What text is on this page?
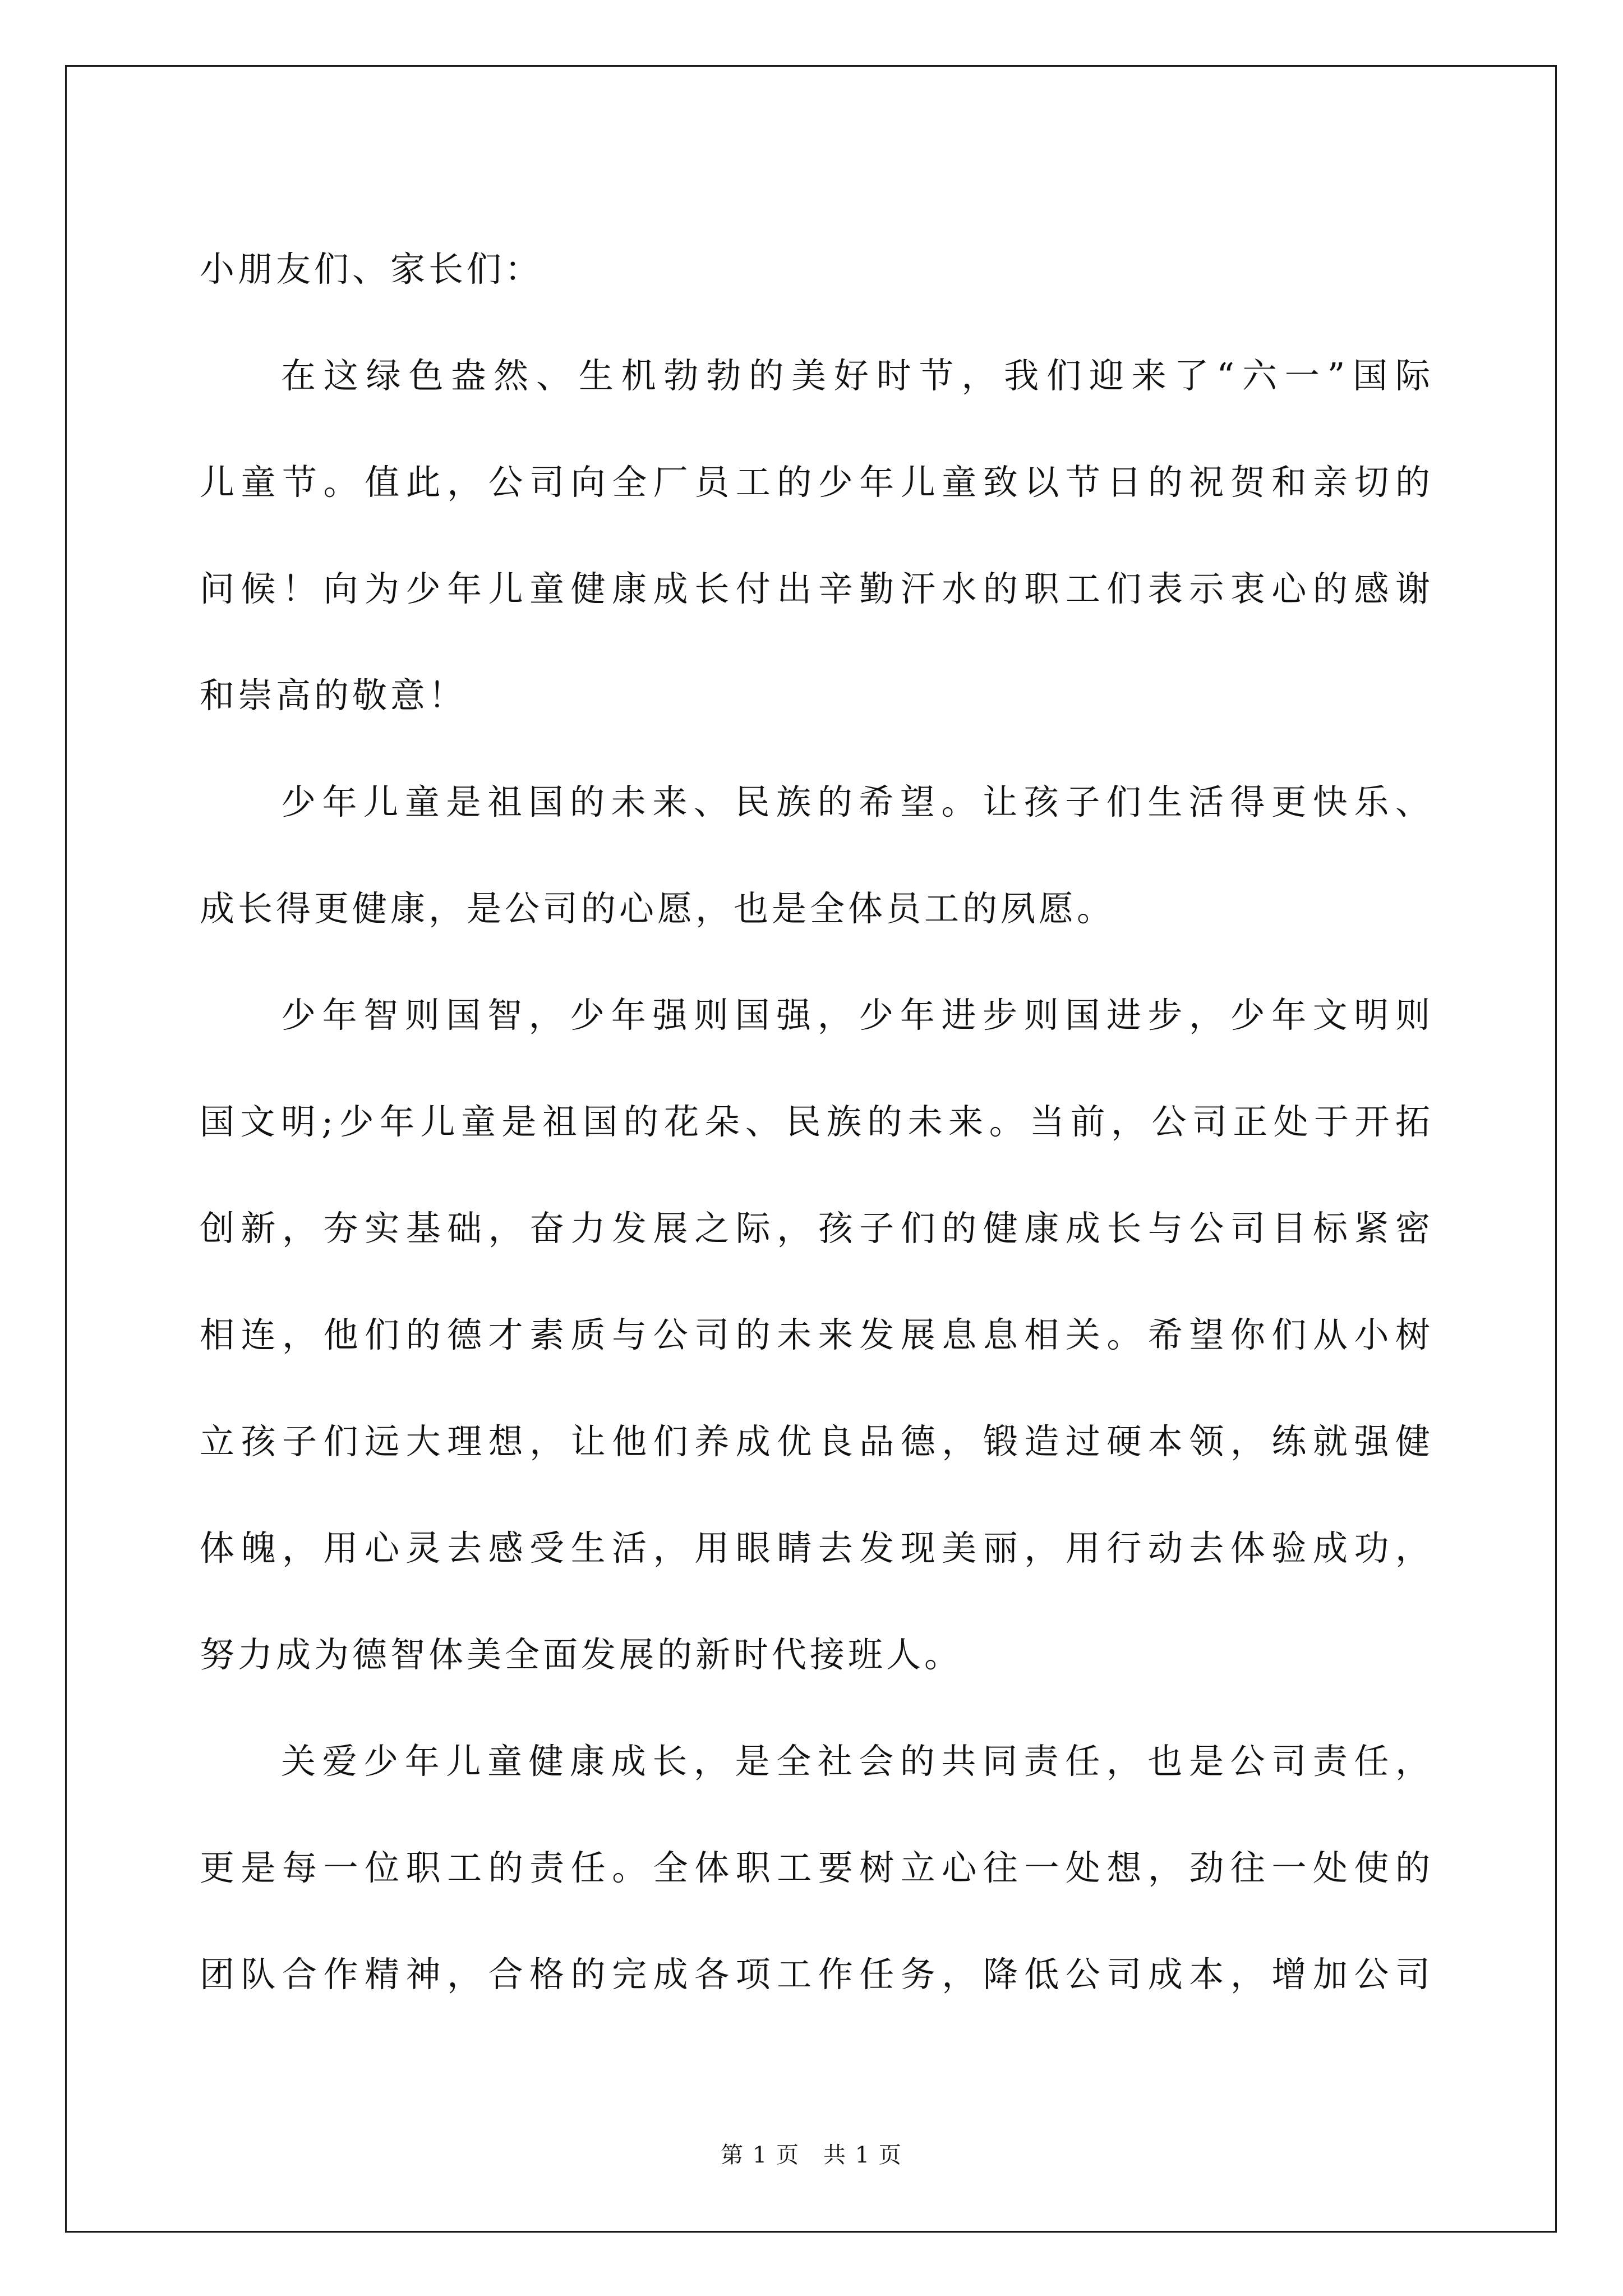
小朋友们、家长们：
在这绿色盎然、生机勃勃的美好时节，我们迎来了“六一”国际
儿童节。值此，公司向全厂员工的少年儿童致以节日的祝贺和亲切的
问候！向为少年儿童健康成长付出辛勤汗水的职工们表示衷心的感谢
和崇高的敬意！
少年儿童是祖国的未来、民族的希望。让孩子们生活得更快乐、
成长得更健康，是公司的心愿，也是全体员工的夙愿。
少年智则国智，少年强则国强，少年进步则国进步，少年文明则
国文明;少年儿童是祖国的花朵、民族的未来。当前，公司正处于开拓
创新，夯实基础，奋力发展之际，孩子们的健康成长与公司目标紧密
相连，他们的德才素质与公司的未来发展息息相关。希望你们从小树
立孩子们远大理想，让他们养成优良品德，锻造过硬本领，练就强健
体魄，用心灵去感受生活，用眼睛去发现美丽，用行动去体验成功，
努力成为德智体美全面发展的新时代接班人。
关爱少年儿童健康成长，是全社会的共同责任，也是公司责任，
更是每一位职工的责任。全体职工要树立心往一处想，劲往一处使的
团队合作精神，合格的完成各项工作任务，降低公司成本，增加公司
第 1 页　共 1 页
